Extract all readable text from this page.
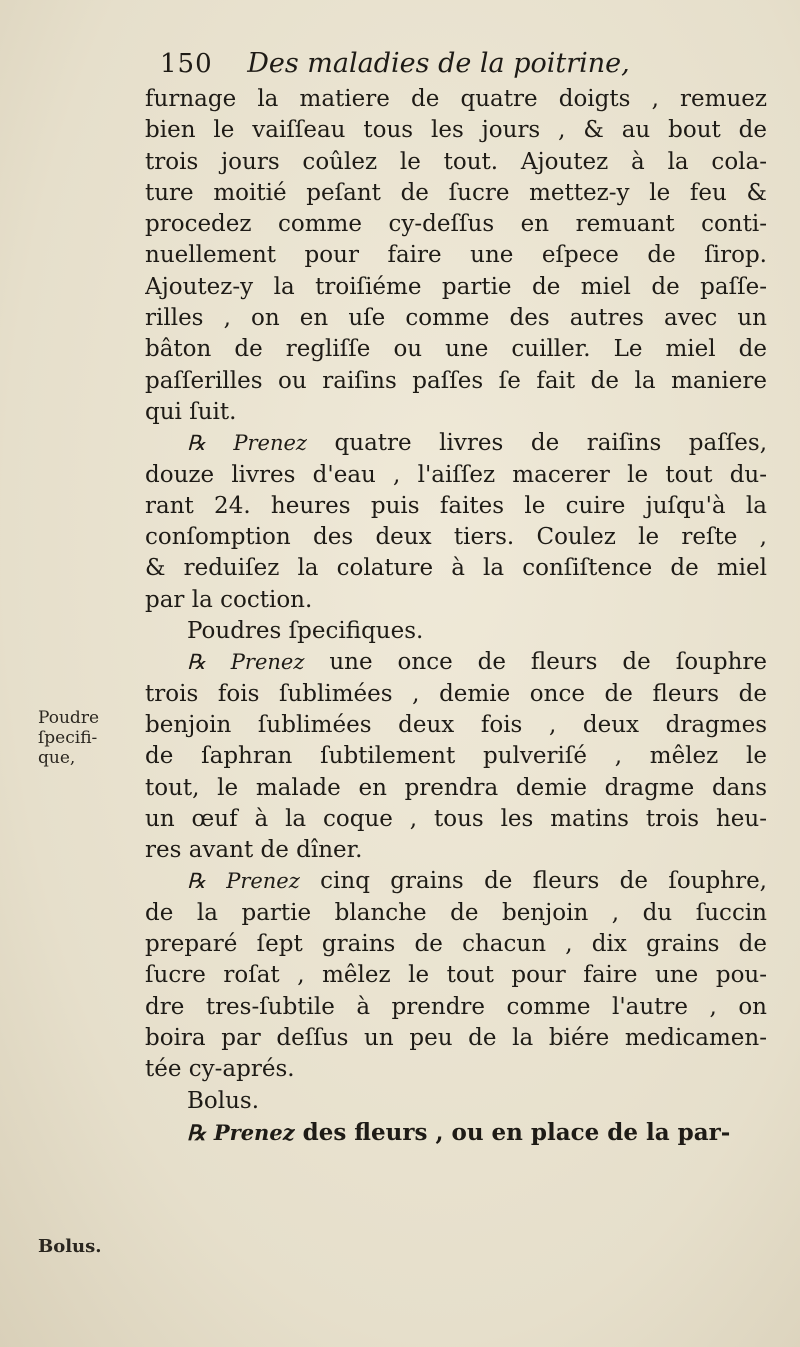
150 Des maladies de la poitrine,
furnage la matiere de quatre doigts , remuez
bien le vaiſſeau tous les jours , & au bout de
trois jours coûlez le tout. Ajoutez à la cola-
ture moitié peſant de ſucre mettez-y le feu &
procedez comme cy-deſſus en remuant conti-
nuellement pour faire une eſpece de ſirop.
Ajoutez-y la troiſiéme partie de miel de paſſe-
rilles , on en uſe comme des autres avec un
bâton de regliſſe ou une cuiller. Le miel de
paſſerilles ou raiſins paſſes ſe fait de la maniere
qui ſuit.
℞ Prenez quatre livres de raiſins paſſes,
douze livres d'eau , l'aiſſez macerer le tout du-
rant 24. heures puis faites le cuire juſqu'à la
conſomption des deux tiers. Coulez le reſte ,
& reduiſez la colature à la conſiſtence de miel
par la coction.
Poudres ſpecifiques.
℞ Prenez une once de fleurs de ſouphre
trois fois ſublimées , demie once de fleurs de
benjoin ſublimées deux fois , deux dragmes
de ſaphran ſubtilement pulveriſé , mêlez le
tout, le malade en prendra demie dragme dans
un œuf à la coque , tous les matins trois heu-
res avant de dîner.
℞ Prenez cinq grains de fleurs de ſouphre,
de la partie blanche de benjoin , du ſuccin
preparé ſept grains de chacun , dix grains de
ſucre roſat , mêlez le tout pour faire une pou-
dre tres-ſubtile à prendre comme l'autre , on
boira par deſſus un peu de la biére medicamen-
tée cy-aprés.
Bolus.
℞ Prenez des fleurs , ou en place de la par-
Poudre
ſpecifi-
que,
Bolus.
